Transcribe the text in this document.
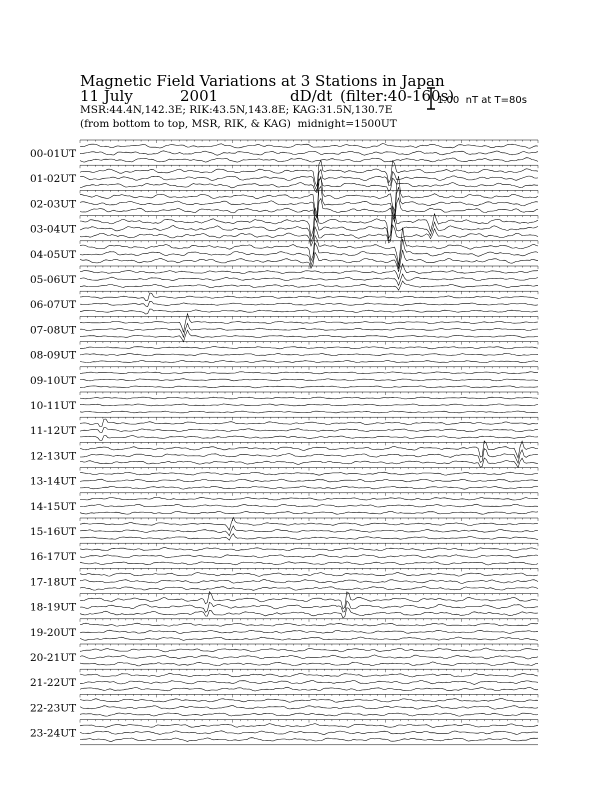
Magnetic Field Variations at 3 Stations in Japan
11 July	2001	dD/dt (filter:40-160s)
MSR:44.4N,142.3E; RIK:43.5N,143.8E; KAG:31.5N,130.7E
(from bottom to top, MSR, RIK, & KAG) midnight=1500UT
1.00  nT at T=80s
00-01UT
01-02UT
02-03UT
03-04UT
04-05UT
05-06UT
06-07UT
07-08UT
08-09UT
09-10UT
10-11UT
11-12UT
12-13UT
13-14UT
14-15UT
15-16UT
16-17UT
17-18UT
18-19UT
19-20UT
20-21UT
21-22UT
22-23UT
23-24UT
